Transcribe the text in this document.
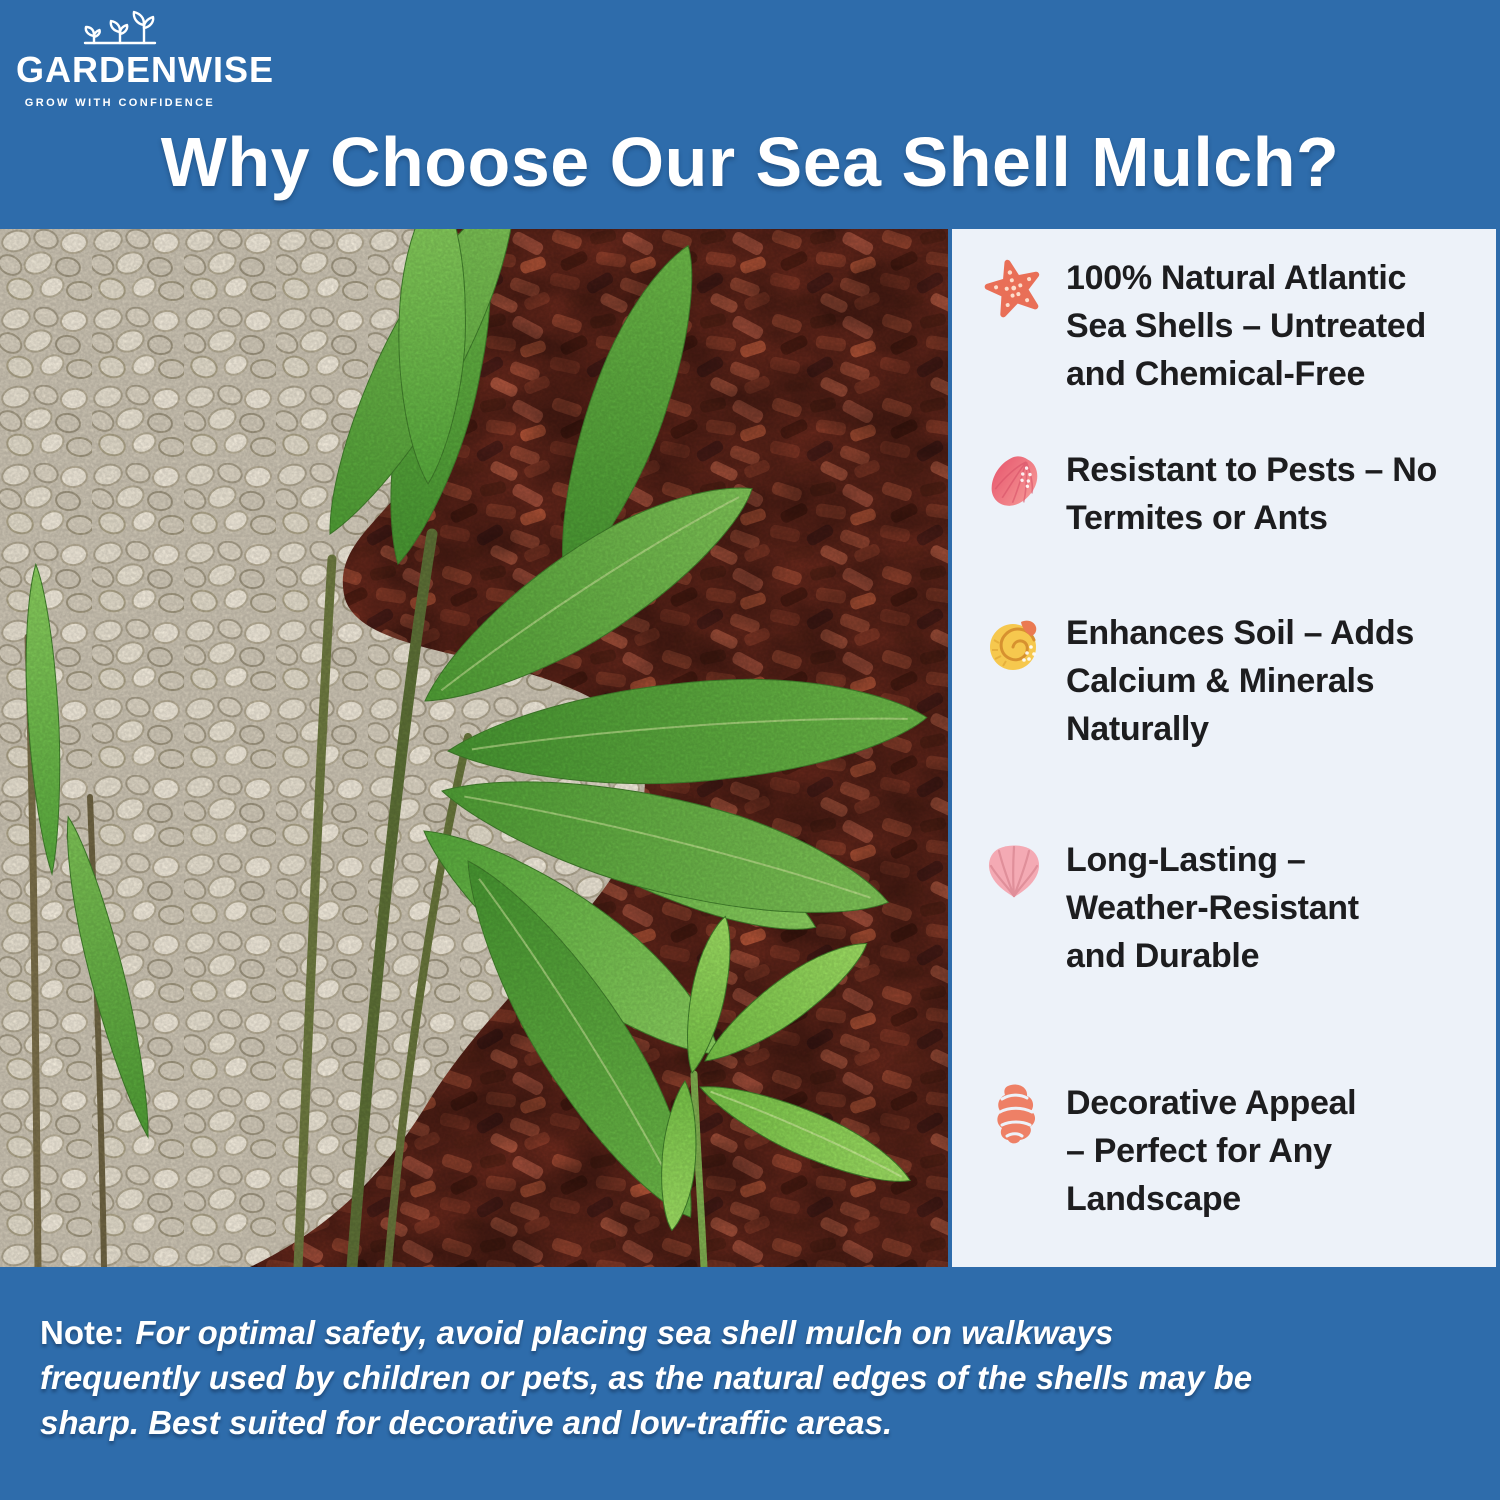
GARDENWISE
GROW WITH CONFIDENCE
Why Choose Our Sea Shell Mulch?
100% Natural Atlantic
Sea Shells – Untreated
and Chemical-Free
Resistant to Pests – No
Termites or Ants
Enhances Soil – Adds
Calcium & Minerals
Naturally
Long-Lasting –
Weather-Resistant
and Durable
Decorative Appeal
– Perfect for Any
Landscape
Note: For optimal safety, avoid placing sea shell mulch on walkways
frequently used by children or pets, as the natural edges of the shells may be
sharp. Best suited for decorative and low-traffic areas.
